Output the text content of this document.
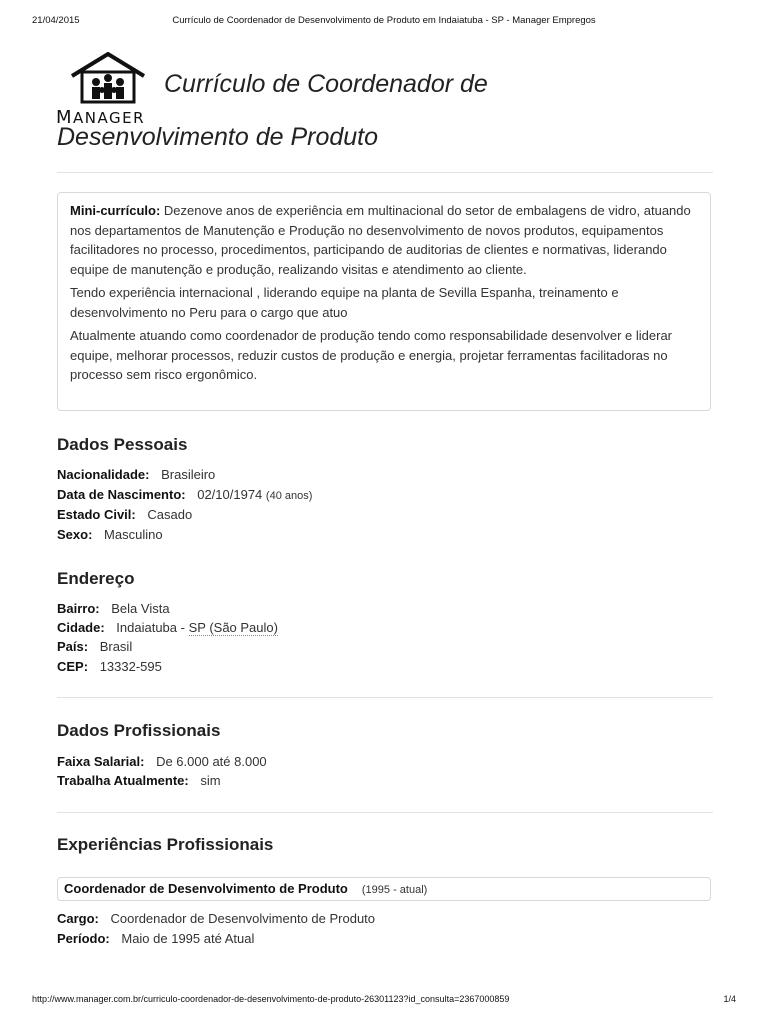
21/04/2015	Currículo de Coordenador de Desenvolvimento de Produto em Indaiatuba - SP - Manager Empregos
MANAGER
Currículo de Coordenador de
Desenvolvimento de Produto

Mini-currículo: Dezenove anos de experiência em multinacional do setor de embalagens de vidro, atuando nos departamentos de Manutenção e Produção no desenvolvimento de novos produtos, equipamentos facilitadores no processo, procedimentos, participando de auditorias de clientes e normativas, liderando equipe de manutenção e produção, realizando visitas e atendimento ao cliente.

Tendo experiência internacional , liderando equipe na planta de Sevilla Espanha, treinamento e desenvolvimento no Peru para o cargo que atuo

Atualmente atuando como coordenador de produção tendo como responsabilidade desenvolver e liderar equipe, melhorar processos, reduzir custos de produção e energia, projetar ferramentas facilitadoras no processo sem risco ergonômico.

Dados Pessoais
Nacionalidade: Brasileiro
Data de Nascimento: 02/10/1974 (40 anos)
Estado Civil: Casado
Sexo: Masculino
Endereço
Bairro: Bela Vista
Cidade: Indaiatuba - SP (São Paulo)
País: Brasil
CEP: 13332-595
Dados Profissionais
Faixa Salarial: De 6.000 até 8.000
Trabalha Atualmente: sim
Experiências Profissionais
Coordenador de Desenvolvimento de Produto (1995 - atual)
Cargo: Coordenador de Desenvolvimento de Produto
Período: Maio de 1995 até Atual
http://www.manager.com.br/curriculo-coordenador-de-desenvolvimento-de-produto-26301123?id_consulta=2367000859	1/4
